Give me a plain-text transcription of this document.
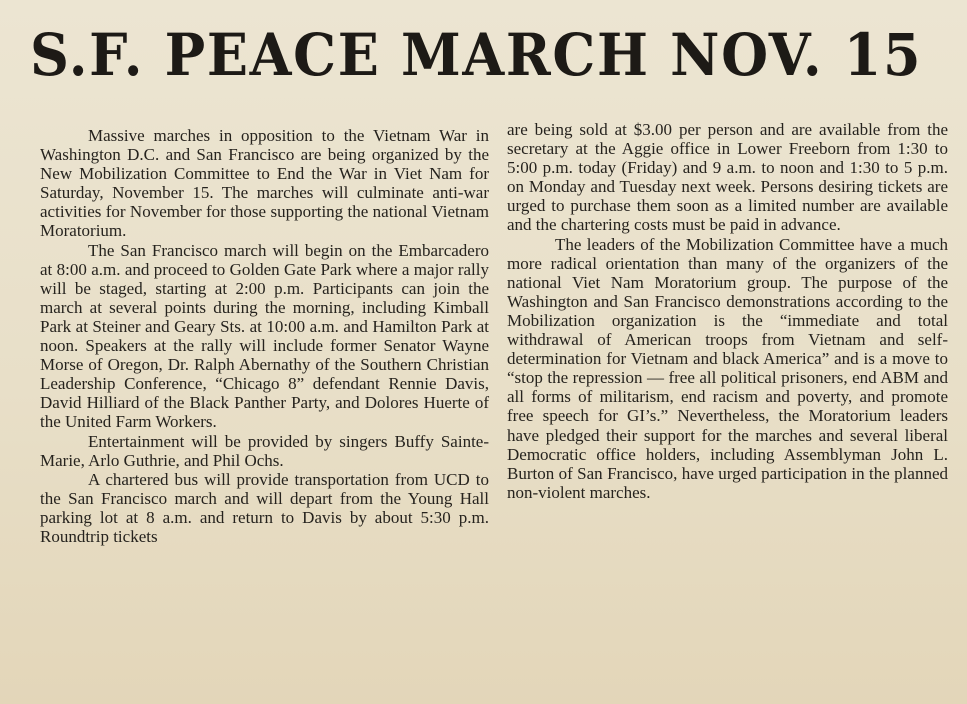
S.F. PEACE MARCH NOV. 15

Massive marches in opposition to the Vietnam War in Washington D.C. and San Francisco are being organized by the New Mobilization Committee to End the War in Viet Nam for Saturday, November 15. The marches will culminate anti-war activities for November for those supporting the national Vietnam Moratorium.

The San Francisco march will begin on the Embarcadero at 8:00 a.m. and proceed to Golden Gate Park where a major rally will be staged, starting at 2:00 p.m. Participants can join the march at several points during the morning, including Kimball Park at Steiner and Geary Sts. at 10:00 a.m. and Hamilton Park at noon. Speakers at the rally will include former Senator Wayne Morse of Oregon, Dr. Ralph Abernathy of the Southern Christian Leadership Conference, “Chicago 8” defendant Rennie Davis, David Hilliard of the Black Panther Party, and Dolores Huerte of the United Farm Workers.

Entertainment will be provided by singers Buffy Sainte-Marie, Arlo Guthrie, and Phil Ochs.

A chartered bus will provide transportation from UCD to the San Francisco march and will depart from the Young Hall parking lot at 8 a.m. and return to Davis by about 5:30 p.m. Roundtrip tickets

are being sold at $3.00 per person and are available from the secretary at the Aggie office in Lower Freeborn from 1:30 to 5:00 p.m. today (Friday) and 9 a.m. to noon and 1:30 to 5 p.m. on Monday and Tuesday next week. Persons desiring tickets are urged to purchase them soon as a limited number are available and the chartering costs must be paid in advance.

The leaders of the Mobilization Committee have a much more radical orientation than many of the organizers of the national Viet Nam Moratorium group. The purpose of the Washington and San Francisco demonstrations according to the Mobilization organization is the “immediate and total withdrawal of American troops from Vietnam and self-determination for Vietnam and black America” and is a move to “stop the repression — free all political prisoners, end ABM and all forms of militarism, end racism and poverty, and promote free speech for GI’s.” Nevertheless, the Moratorium leaders have pledged their support for the marches and several liberal Democratic office holders, including Assemblyman John L. Burton of San Francisco, have urged participation in the planned non-violent marches.
